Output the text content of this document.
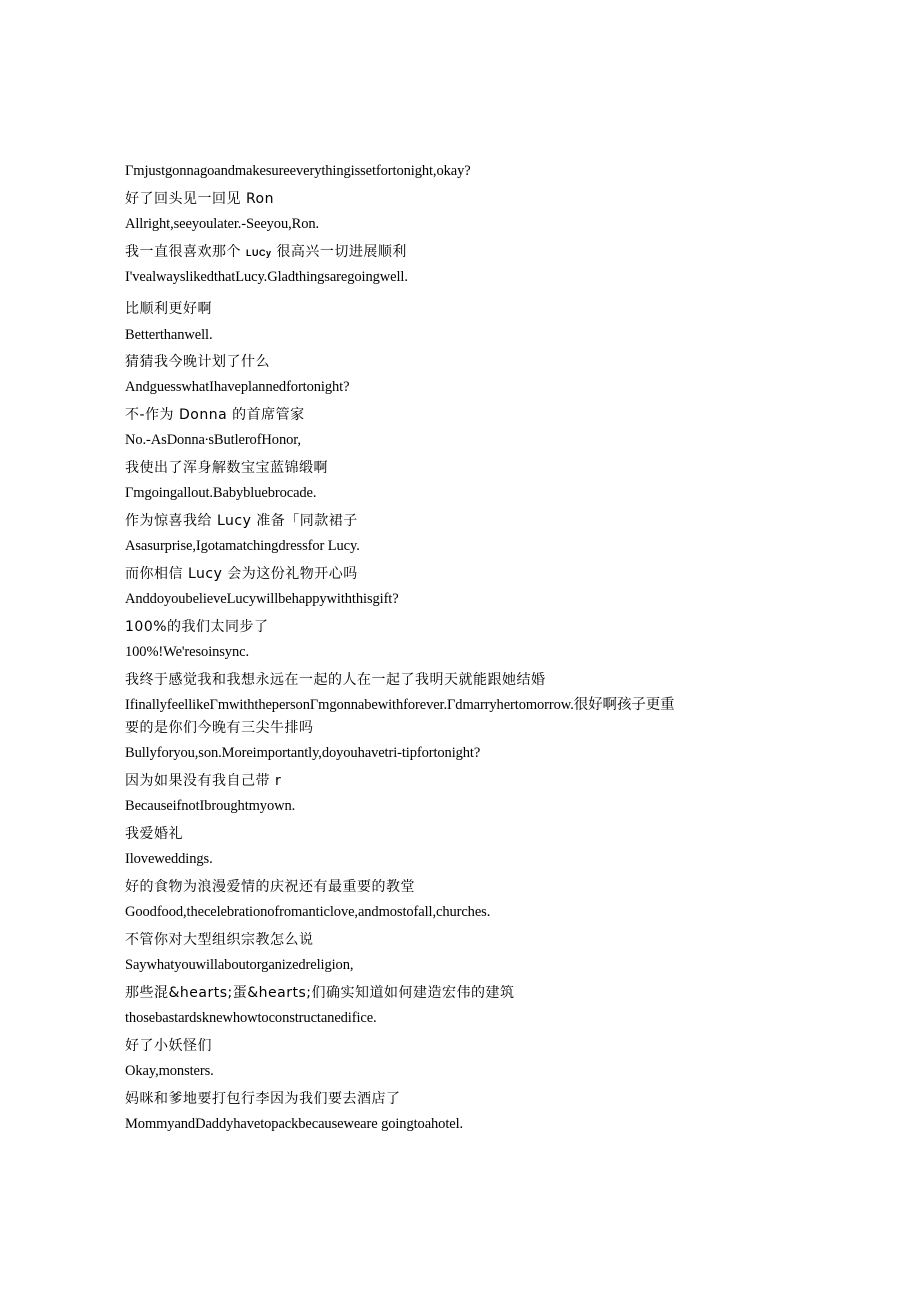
Γmjustgonnagoandmakesureeverythingissetfortonight,okay?
好了回头见一回见 Ron
Allright,seeyoulater.-Seeyou,Ron.
我一直很喜欢那个 LUCy 很高兴一切进展顺利
I'vealwayslikedthatLucy.Gladthingsaregoingwell.
比顺利更好啊
Betterthanwell.
猜猜我今晚计划了什么
AndguesswhatIhaveplannedfortonight?
不-作为 Donna 的首席管家
No.-AsDonna∙sButlerofHonor,
我使出了浑身解数宝宝蓝锦缎啊
Γmgoingallout.Babybluebrocade.
作为惊喜我给 Lucy 准备「同款裙子
Asasurprise,Igotamatchingdressfor Lucy.
而你相信 Lucy 会为这份礼物开心吗
AnddoyoubelieveLucywillbehappywiththisgift?
100%的我们太同步了
100%!We'resoinsync.
我终于感觉我和我想永远在一起的人在一起了我明天就能跟她结婚
IfinallyfeellikeΓmwiththepersonΓmgonnabewithforever.Γdmarryhertomorrow.很好啊孩子更重
要的是你们今晚有三尖牛排吗
Bullyforyou,son.Moreimportantly,doyouhavetri-tipfortonight?
因为如果没有我自己带 r
BecauseifnotIbroughtmyown.
我爱婚礼
Iloveweddings.
好的食物为浪漫爱情的庆祝还有最重要的教堂
Goodfood,thecelebrationofromanticlove,andmostofall,churches.
不管你对大型组织宗教怎么说
Saywhatyouwillaboutorganizedreligion,
那些混&hearts;蛋&hearts;们确实知道如何建造宏伟的建筑
thosebastardsknewhowtoconstructanedifice.
好了小妖怪们
Okay,monsters.
妈咪和爹地要打包行李因为我们要去酒店了
MommyandDaddyhavetopackbecauseweare goingtoahotel.
